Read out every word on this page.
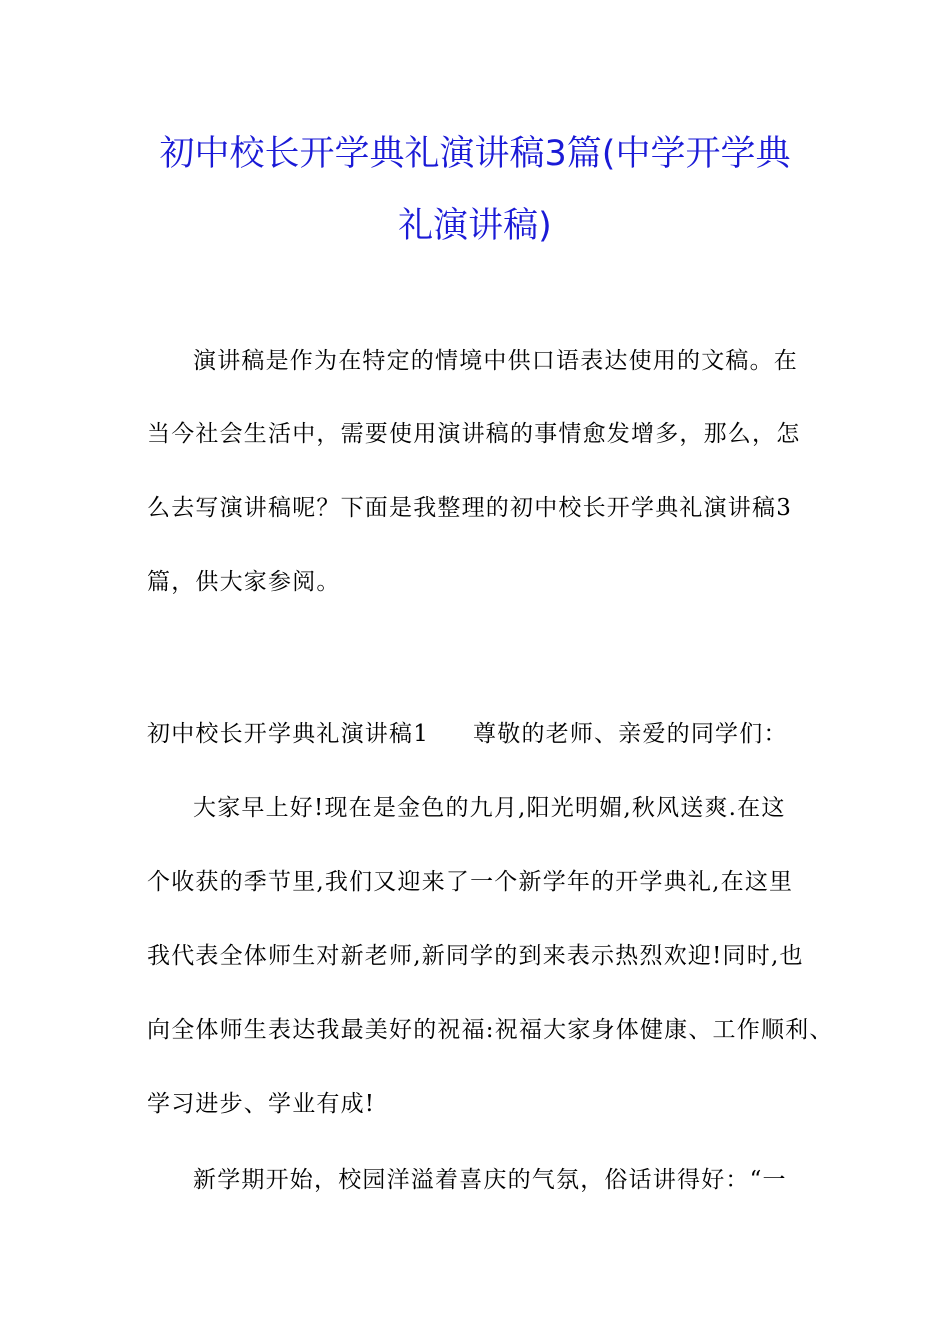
初中校长开学典礼演讲稿3篇(中学开学典
礼演讲稿)
演讲稿是作为在特定的情境中供口语表达使用的文稿。在
当今社会生活中，需要使用演讲稿的事情愈发增多，那么，怎
么去写演讲稿呢？下面是我整理的初中校长开学典礼演讲稿3
篇，供大家参阅。
初中校长开学典礼演讲稿1 尊敬的老师、亲爱的同学们：
大家早上好!现在是金色的九月,阳光明媚,秋风送爽.在这
个收获的季节里,我们又迎来了一个新学年的开学典礼,在这里
我代表全体师生对新老师,新同学的到来表示热烈欢迎!同时,也
向全体师生表达我最美好的祝福:祝福大家身体健康、工作顺利、
学习进步、学业有成!
新学期开始，校园洋溢着喜庆的气氛，俗话讲得好：“一
